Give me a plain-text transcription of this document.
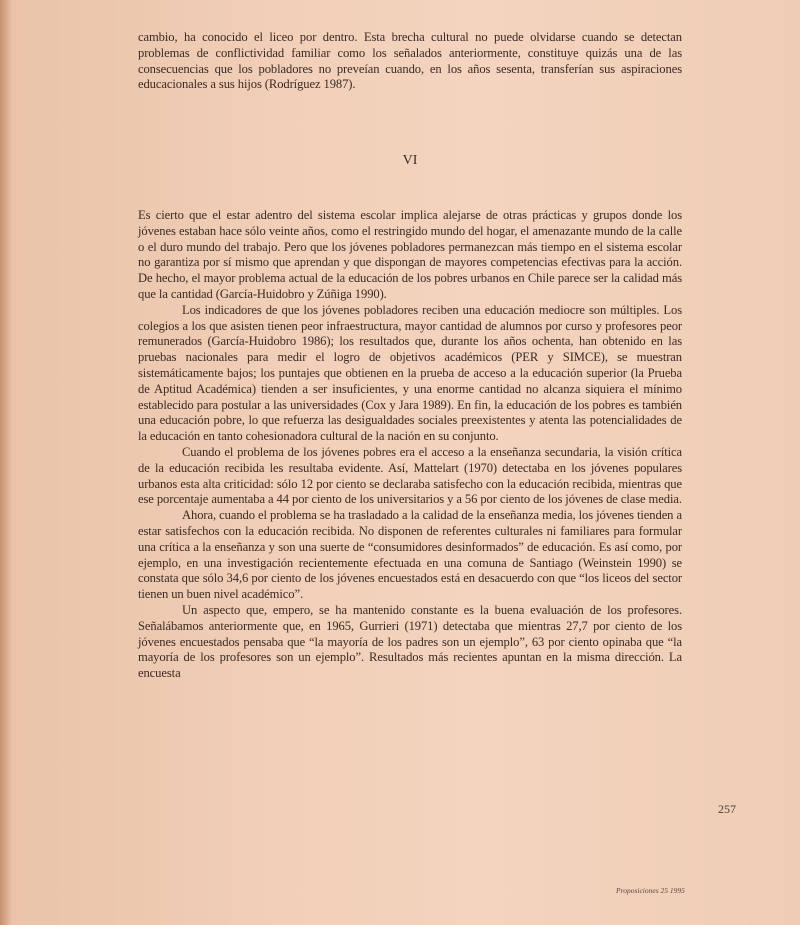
cambio, ha conocido el liceo por dentro. Esta brecha cultural no puede olvidarse cuando se detectan problemas de conflictividad familiar como los señalados anteriormente, constituye quizás una de las consecuencias que los pobladores no preveían cuando, en los años sesenta, transferían sus aspiraciones educacionales a sus hijos (Rodríguez 1987).

VI

Es cierto que el estar adentro del sistema escolar implica alejarse de otras prácticas y grupos donde los jóvenes estaban hace sólo veinte años, como el restringido mundo del hogar, el amenazante mundo de la calle o el duro mundo del trabajo. Pero que los jóvenes pobladores permanezcan más tiempo en el sistema escolar no garantiza por sí mismo que aprendan y que dispongan de mayores competencias efectivas para la acción. De hecho, el mayor problema actual de la educación de los pobres urbanos en Chile parece ser la calidad más que la cantidad (García-Huidobro y Zúñiga 1990).

Los indicadores de que los jóvenes pobladores reciben una educación mediocre son múltiples. Los colegios a los que asisten tienen peor infraestructura, mayor cantidad de alumnos por curso y profesores peor remunerados (García-Huidobro 1986); los resultados que, durante los años ochenta, han obtenido en las pruebas nacionales para medir el logro de objetivos académicos (PER y SIMCE), se muestran sistemáticamente bajos; los puntajes que obtienen en la prueba de acceso a la educación superior (la Prueba de Aptitud Académica) tienden a ser insuficientes, y una enorme cantidad no alcanza siquiera el mínimo establecido para postular a las universidades (Cox y Jara 1989). En fin, la educación de los pobres es también una educación pobre, lo que refuerza las desigualdades sociales preexistentes y atenta las potencialidades de la educación en tanto cohesionadora cultural de la nación en su conjunto.

Cuando el problema de los jóvenes pobres era el acceso a la enseñanza secundaria, la visión crítica de la educación recibida les resultaba evidente. Así, Mattelart (1970) detectaba en los jóvenes populares urbanos esta alta criticidad: sólo 12 por ciento se declaraba satisfecho con la educación recibida, mientras que ese porcentaje aumentaba a 44 por ciento de los universitarios y a 56 por ciento de los jóvenes de clase media.

Ahora, cuando el problema se ha trasladado a la calidad de la enseñanza media, los jóvenes tienden a estar satisfechos con la educación recibida. No disponen de referentes culturales ni familiares para formular una crítica a la enseñanza y son una suerte de “consumidores desinformados” de educación. Es así como, por ejemplo, en una investigación recientemente efectuada en una comuna de Santiago (Weinstein 1990) se constata que sólo 34,6 por ciento de los jóvenes encuestados está en desacuerdo con que “los liceos del sector tienen un buen nivel académico”.

Un aspecto que, empero, se ha mantenido constante es la buena evaluación de los profesores. Señalábamos anteriormente que, en 1965, Gurrieri (1971) detectaba que mientras 27,7 por ciento de los jóvenes encuestados pensaba que “la mayoría de los padres son un ejemplo”, 63 por ciento opinaba que “la mayoría de los profesores son un ejemplo”. Resultados más recientes apuntan en la misma dirección. La encuesta

257
Proposiciones 25 1995
